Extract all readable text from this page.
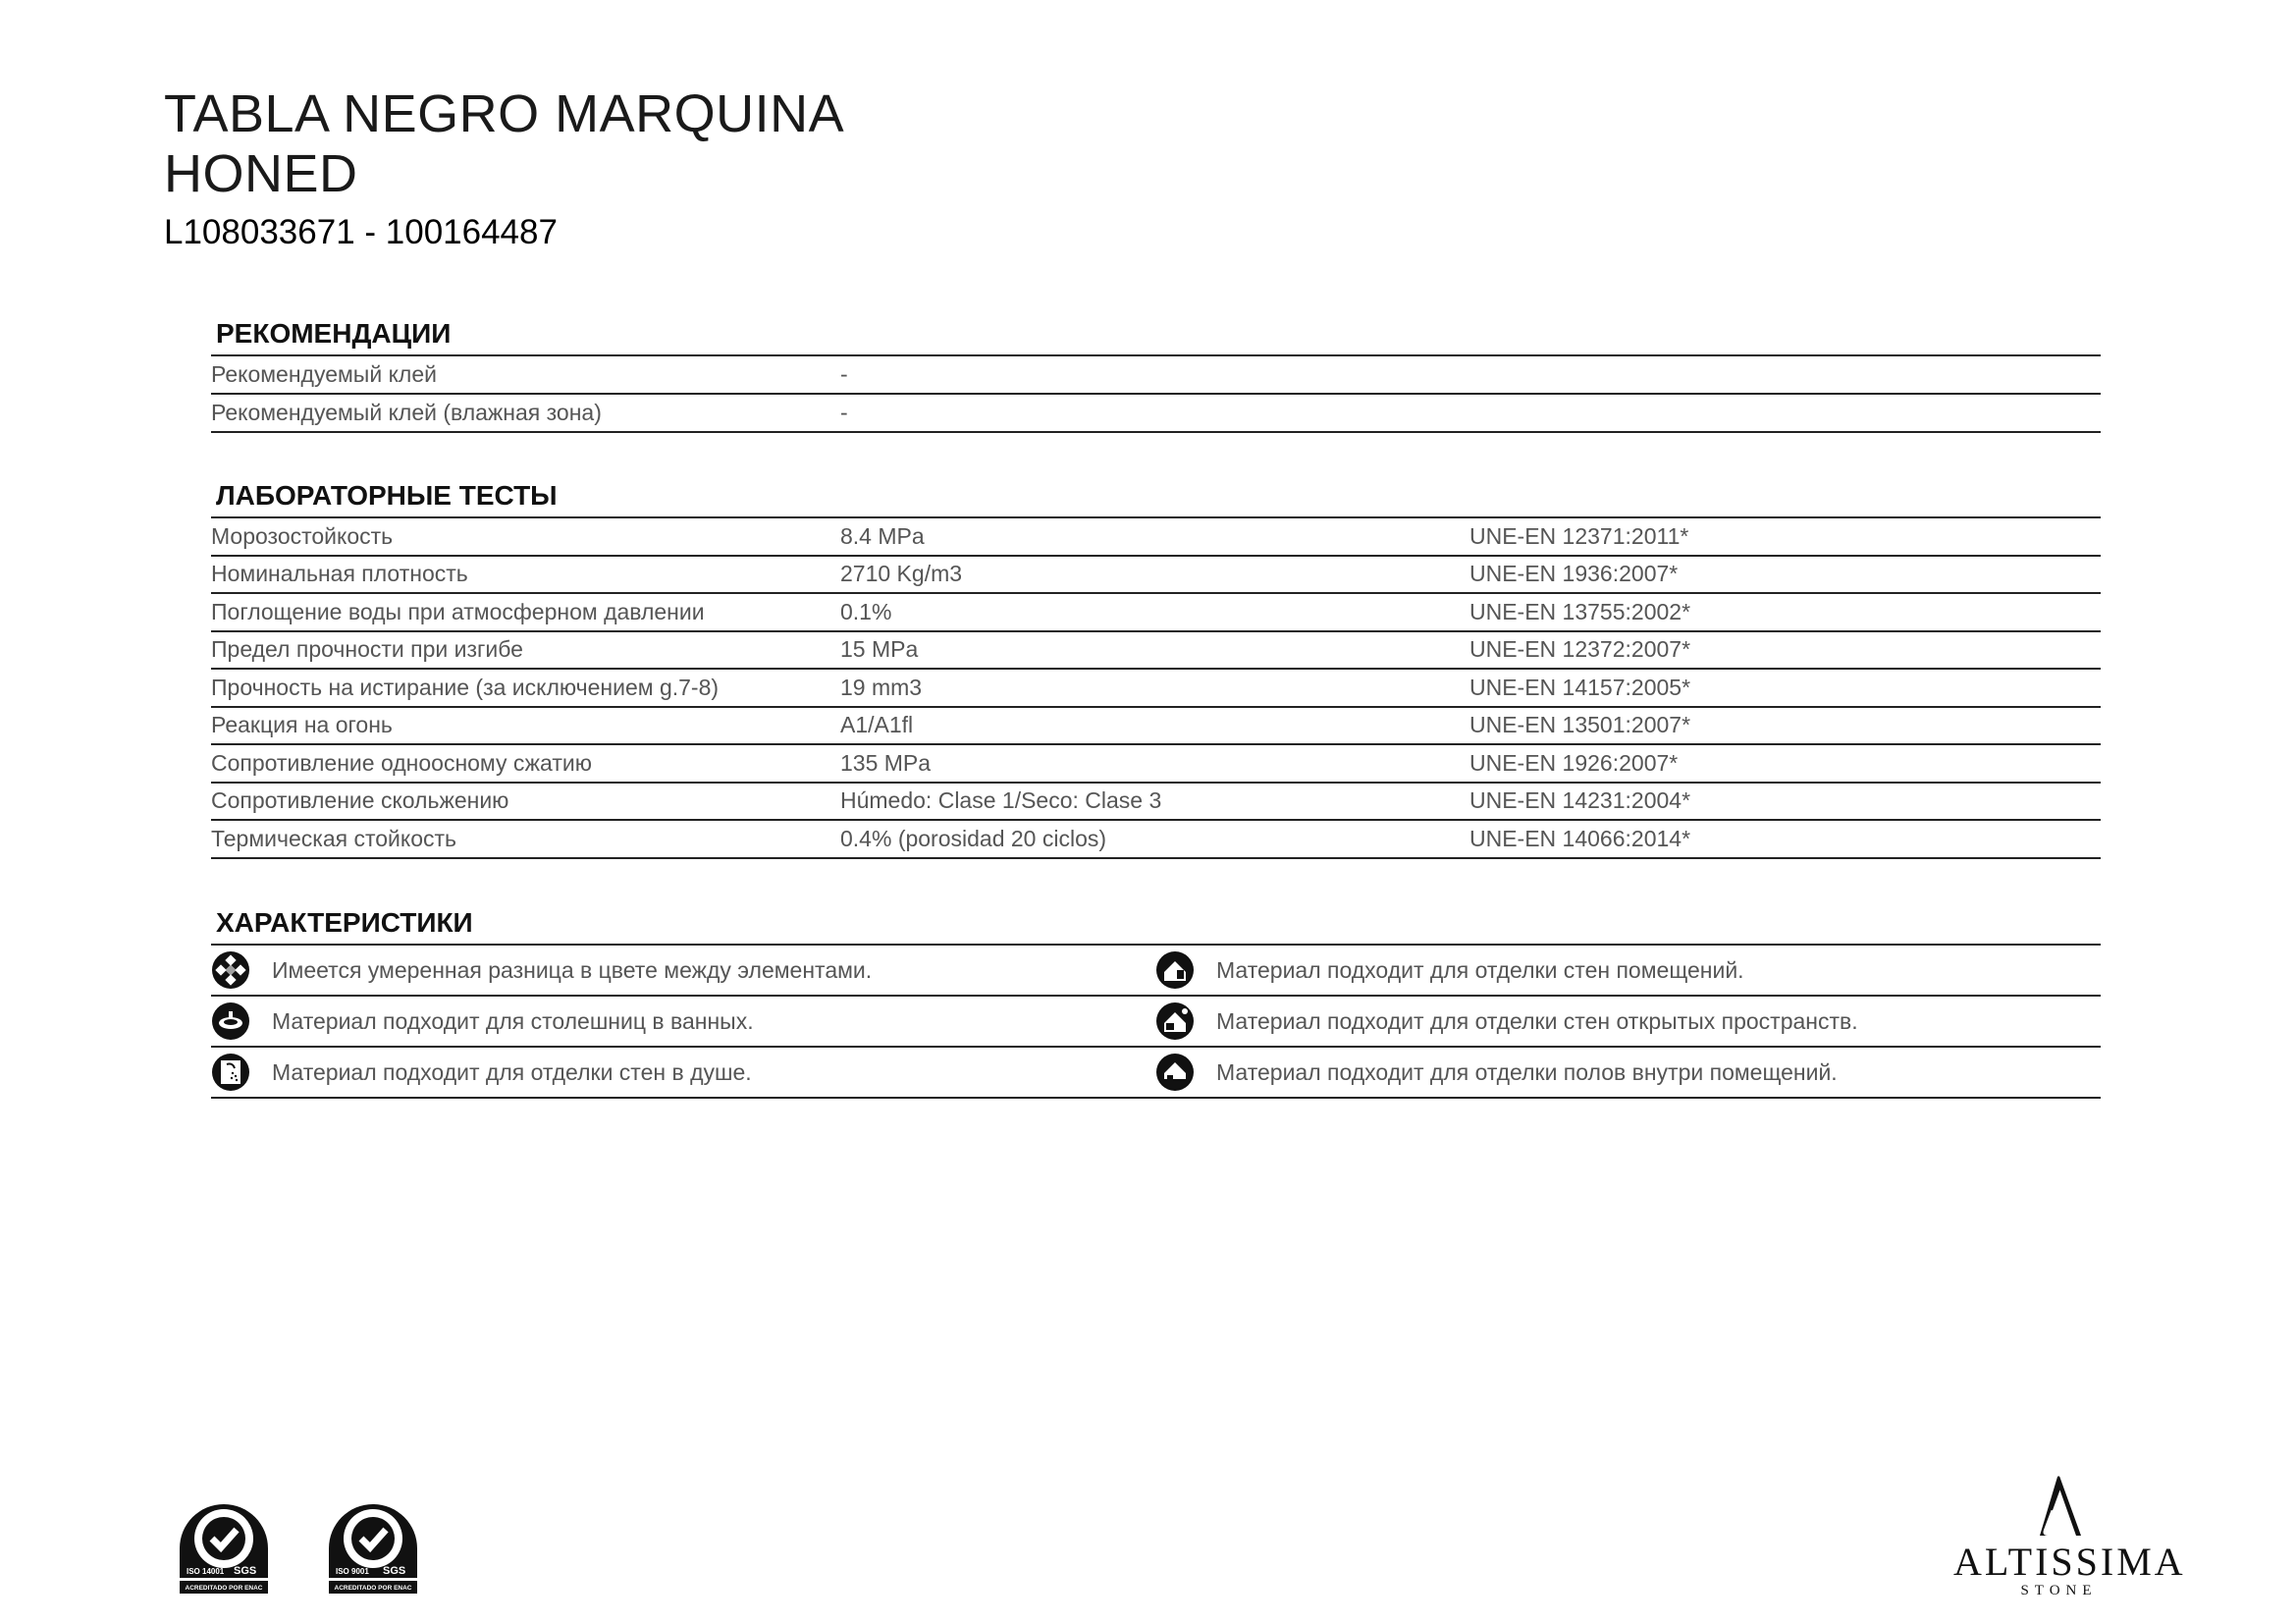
TABLA NEGRO MARQUINA
HONED
L108033671 - 100164487
РЕКОМЕНДАЦИИ
Рекомендуемый клей	-
Рекомендуемый клей (влажная зона)	-
ЛАБОРАТОРНЫЕ ТЕСТЫ
Морозостойкость	8.4 MPa	UNE-EN 12371:2011*
Номинальная плотность	2710 Kg/m3	UNE-EN 1936:2007*
Поглощение воды при атмосферном давлении	0.1%	UNE-EN 13755:2002*
Предел прочности при изгибе	15 MPa	UNE-EN 12372:2007*
Прочность на истирание (за исключением g.7-8)	19 mm3	UNE-EN 14157:2005*
Реакция на огонь	A1/A1fl	UNE-EN 13501:2007*
Сопротивление одноосному сжатию	135 MPa	UNE-EN 1926:2007*
Сопротивление скольжению	Húmedo: Clase 1/Seco: Clase 3	UNE-EN 14231:2004*
Термическая стойкость	0.4% (porosidad 20 ciclos)	UNE-EN 14066:2014*
ХАРАКТЕРИСТИКИ
Имеется умеренная разница в цвете между элементами.	Материал подходит для отделки стен помещений.
Материал подходит для столешниц в ванных.	Материал подходит для отделки стен открытых пространств.
Материал подходит для отделки стен в душе.	Материал подходит для отделки полов внутри помещений.
SYSTEM CERTIFICATION
ISO 14001 SGS
ACREDITADO POR ENAC
SYSTEM CERTIFICATION
ISO 9001 SGS
ACREDITADO POR ENAC
ALTISSIMA
STONE
